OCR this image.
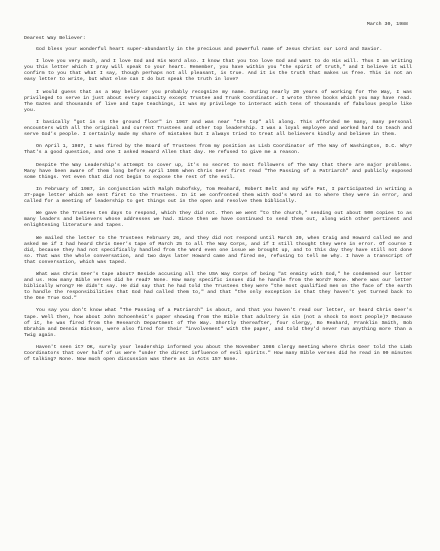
March 30, 1988
Dearest Way Believer:

God bless your wonderful heart super-abundantly in the precious and powerful name of Jesus Christ our Lord and Savior.

I love you very much, and I love God and His Word also. I know that you too love God and want to do His will. Thus I am writing you this letter which I pray will speak to your heart. Remember, you have within you "the spirit of truth," and I believe it will confirm to you that what I say, though perhaps not all pleasant, is true. And it is the truth that makes us free. This is not an easy letter to write, but what else can I do but speak the truth in love?

I would guess that as a Way believer you probably recognize my name. During nearly 20 years of working for The Way, I was privileged to serve in just about every capacity except Trustee and Trunk Coordinator. I wrote three books which you may have read. The Gazes and thousands of live and tape teachings, it was my privilege to interact with tens of thousands of fabulous people like you.

I basically "got in on the ground floor" in 1967 and was near "the top" all along. This afforded me many, many personal encounters with all the original and current Trustees and other top leadership. I was a loyal employee and worked hard to teach and serve God's people. I certainly made my share of mistakes but I always tried to treat all believers kindly and believe in them.

On April 1, 1987, I was fired by the Board of Trustees from my position as Lisb Coordinator of The Way of Washington, D.C. Why? That's a good question, and one I asked Howard Allen that day. He refused to give me a reason.

Despite The Way Leadership's attempt to cover up, it's no secret to most followers of The Way that there are major problems. Many have been aware of them long before April 1986 when Chris Geer first read "The Passing of a Patriarch" and publicly exposed some things. Yet even that did not begin to expose the rest of the evil.

In February of 1987, in conjunction with Ralph Dubofsky, Tom Reahard, Robert Belt and my wife Pat, I participated in writing a 37-page letter which we sent first to the Trustees. In it we confronted them with God's Word as to where they were in error, and called for a meeting of leadership to get things out in the open and resolve them biblically.

We gave the Trustees ten days to respond, which they did not. Then we went "to the church," sending out about 500 copies to as many leaders and believers whose addresses we had. Since then we have continued to send them out, along with other pertinent and enlightening literature and tapes.

We mailed the letter to the Trustees February 26, and they did not respond until March 30, when Craig and Howard called me and asked me if I had heard Chris Geer's tape of March 25 to all The Way Corps, and if I still thought they were in error. Of course I did, because they had not specifically handled from the Word even one issue we brought up, and to this day they have still not done so. That was the whole conversation, and two days later Howard came and fired me, refusing to tell me why. I have a transcript of that conversation, which was taped.

What was Chris Geer's tape about? Beside accusing all the USA Way Corps of being "at enmity with God," he condemned our letter and us. How many Bible verses did he read? None. How many specific issues did he handle from the Word? None. Where was our letter biblically wrong? He didn't say. He did say that he had told the Trustees they were "the most qualified men on the face of the earth to handle the responsibilities that God had called them to," and that "the only exception is that they haven't yet turned back to the One True God."

You say you don't know what "The Passing of a Patriarch" is about, and that you haven't read our letter, or heard Chris Geer's tape. Well then, how about John Schoenheit's paper showing from the Bible that adultery is sin (not a shock to most people)? Because of it, he was fired from the Research Department of The Way. Shortly thereafter, four clergy, Bo Reahard, Franklin Smith, Bob Ebrahim and Dennis Bickson, were also fired for their "involvement" with the paper, and told they'd never run anything more than a Twig again.

Haven't seen it? OK, surely your leadership informed you about the November 1986 clergy meeting where Chris Geer told the Limb Coordinators that over half of us were "under the direct influence of evil spirits." How many Bible verses did he read in 90 minutes of talking? None. Now much open discussion was there as in Acts 15? None.
